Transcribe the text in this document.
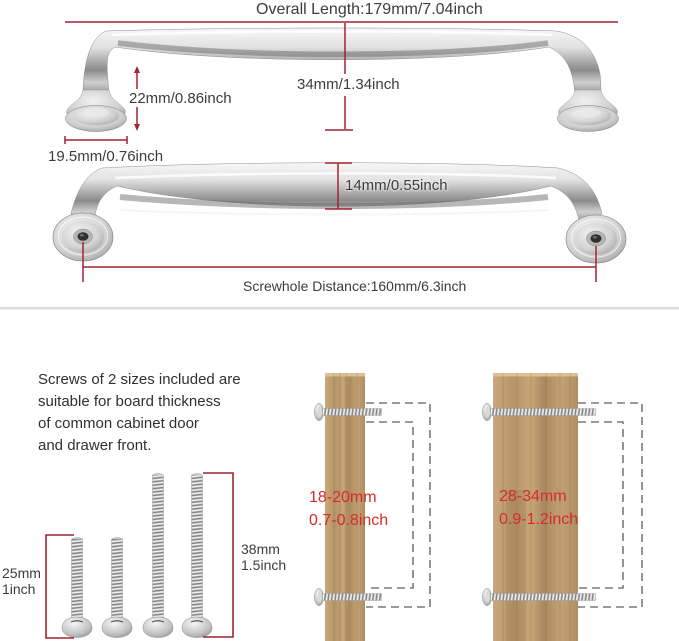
Overall Length:179mm/7.04inch
34mm/1.34inch
22mm/0.86inch
19.5mm/0.76inch
14mm/0.55inch
Screwhole Distance:160mm/6.3inch
Screws of 2 sizes included are
suitable for board thickness
of common cabinet door
and drawer front.
25mm
1inch
38mm
1.5inch
18-20mm
0.7-0.8inch
28-34mm
0.9-1.2inch
